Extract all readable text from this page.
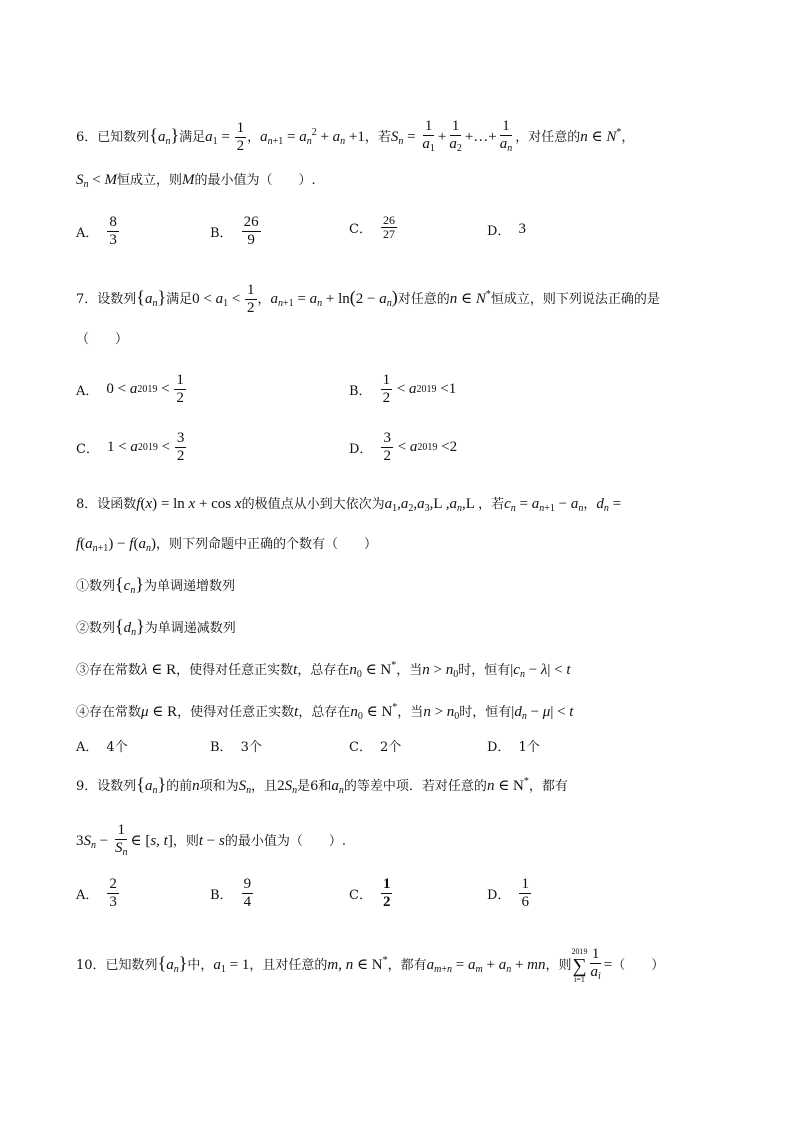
6．已知数列$\{a_n\}$满足$a_1 = \frac{1}{2}$ ，$a_{n+1} = a_n^2 + a_n +1$，若$S_n = \frac{1}{a_1} + \frac{1}{a_2}$ +…+ $\frac{1}{a_n}$ ，对任意的n ∈ N*，
$S_n < M$恒成立，则M的最小值为（　　）.
A． $\frac{8}{3}$	B． $\frac{26}{9}$	C． $\frac{26}{27}$	D． 3
7．设数列$\{a_n\}$满足$0 < a_1 < \frac{1}{2}$ ，$a_{n+1} = a_n + \ln(2 - a_n)$对任意的n ∈ N*恒成立，则下列说法正确的是
（　　）
A． 0 < a $2019 < \frac{1}{2}$	B． $\frac{1}{2} < a$ 2019 < 1
C． 1 < a $2019 < \frac{3}{2}$	D． $\frac{3}{2} < a$ 2019 < 2
8．设函数f(x) = ln x + cos x的极值点从小到大依次为$a_1,a_2,a_3,L$ $,a_n,L$ ，若$c_n = a_{n+1} - a_n$，$d_n$ =
$f(a_{n+1}) - f(a_n)$，则下列命题中正确的个数有（　　）
①数列$\{c_n\}$为单调递增数列
②数列$\{d_n\}$为单调递减数列
③存在常数λ ∈ R，使得对任意正实数t，总存在$n_0$ ∈ N*，当$n > n_0$时，恒有$|c_n - \lambda| < t$
④存在常数μ ∈ R，使得对任意正实数t，总存在$n_0$ ∈ N*，当$n > n_0$时，恒有$|d_n - \mu| < t$
A． 4个	B． 3个	C． 2个	D． 1个
9．设数列$\{a_n\}$的前n项和为$S_n$，且$2S_n$是6和$a_n$的等差中项．若对任意的n ∈ N*，都有
$3S_n - \frac{1}{S_n}$ ∈ [s, t]，则t − s的最小值为（　　）.
A． $\frac{2}{3}$	B． $\frac{9}{4}$	C． $\frac{1}{2}$	D． $\frac{1}{6}$
10．已知数列$\{a_n\}$中，$a_1 = 1$，且对任意的m, n ∈ N*，都有$a_{m+n} = a_m + a_n$ + mn，则
2019
∑
$i=1 \frac{1}{a_i}$ =（　　）
